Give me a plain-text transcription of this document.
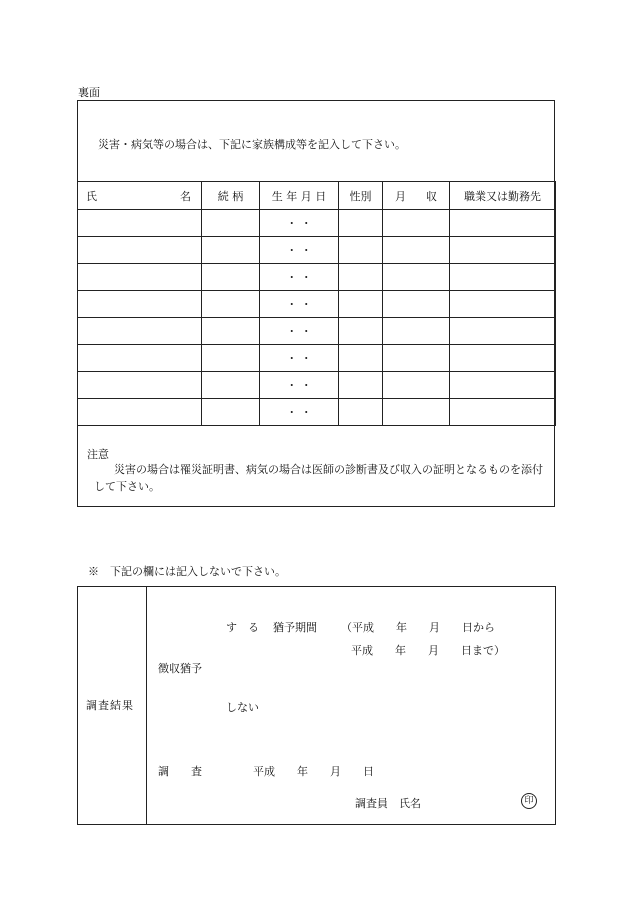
裏面
災害・病気等の場合は、下記に家族構成等を記入して下さい。
氏 名	続 柄	生 年 月 日	性別	月 収	職業又は勤務先
		・ ・			
		・ ・			
		・ ・			
		・ ・			
		・ ・			
		・ ・			
		・ ・			
		・ ・			
注意
災害の場合は罹災証明書、病気の場合は医師の診断書及び収入の証明となるものを添付して下さい。
※　下記の欄には記入しないで下さい。
調査結果
す　る 猶予期間 （平成　　年　　月　　日から
平成　　年　　月　　日まで）
徴収猶予
しない
調　　査	平成　　年　　月　　日
調査員　氏名	印
